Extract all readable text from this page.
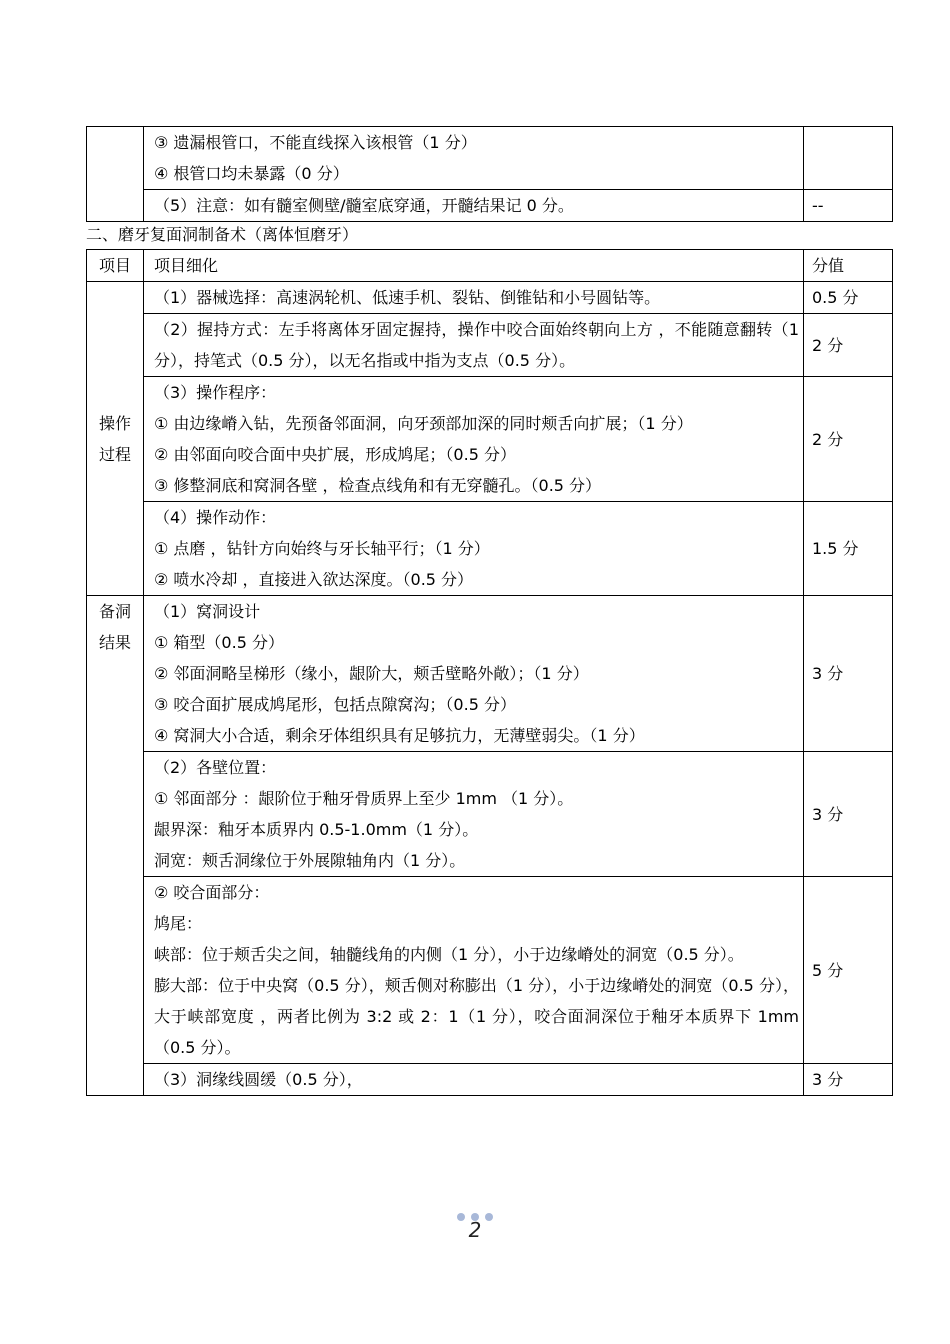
	③ 遗漏根管口，不能直线探入该根管（1 分）
④ 根管口均未暴露（0 分）	

	（5）注意：如有髓室侧壁/髓室底穿通，开髓结果记 0 分。	--
二、磨牙复面洞制备术（离体恒磨牙）
项目	项目细化	分值

操作
过程	（1）器械选择：高速涡轮机、低速手机、裂钻、倒锥钻和小号圆钻等。	0.5 分

	（2）握持方式：左手将离体牙固定握持，操作中咬合面始终朝向上方 ，不能随意翻转（1 分），持笔式（0.5 分），以无名指或中指为支点（0.5 分）。	2 分

	（3）操作程序：
① 由边缘嵴入钻，先预备邻面洞，向牙颈部加深的同时颊舌向扩展；（1 分）
② 由邻面向咬合面中央扩展，形成鸠尾；（0.5 分）
③ 修整洞底和窝洞各壁 ，检查点线角和有无穿髓孔。（0.5 分）	2 分

	（4）操作动作：
① 点磨 ，钻针方向始终与牙长轴平行；（1 分）
② 喷水冷却 ，直接进入欲达深度。（0.5 分）	1.5 分

备洞
结果	（1）窝洞设计
① 箱型（0.5 分）
② 邻面洞略呈梯形（缘小，龈阶大，颊舌壁略外敞）；（1 分）
③ 咬合面扩展成鸠尾形，包括点隙窝沟；（0.5 分）
④ 窝洞大小合适，剩余牙体组织具有足够抗力，无薄壁弱尖。（1 分）	3 分

	（2）各壁位置：
① 邻面部分 ：龈阶位于釉牙骨质界上至少 1mm （1 分）。
龈界深：釉牙本质界内 0.5-1.0mm（1 分）。
洞宽：颊舌洞缘位于外展隙轴角内（1 分）。	3 分

	② 咬合面部分：
鸠尾：
峡部：位于颊舌尖之间，轴髓线角的内侧（1 分），小于边缘嵴处的洞宽（0.5 分）。
膨大部：位于中央窝（0.5 分），颊舌侧对称膨出（1 分），小于边缘嵴处的洞宽（0.5 分），大于峡部宽度 ，两者比例为 3:2 或 2：1（1 分），咬合面洞深位于釉牙本质界下 1mm（0.5 分）。	5 分

	（3）洞缘线圆缓（0.5 分），	3 分
2
